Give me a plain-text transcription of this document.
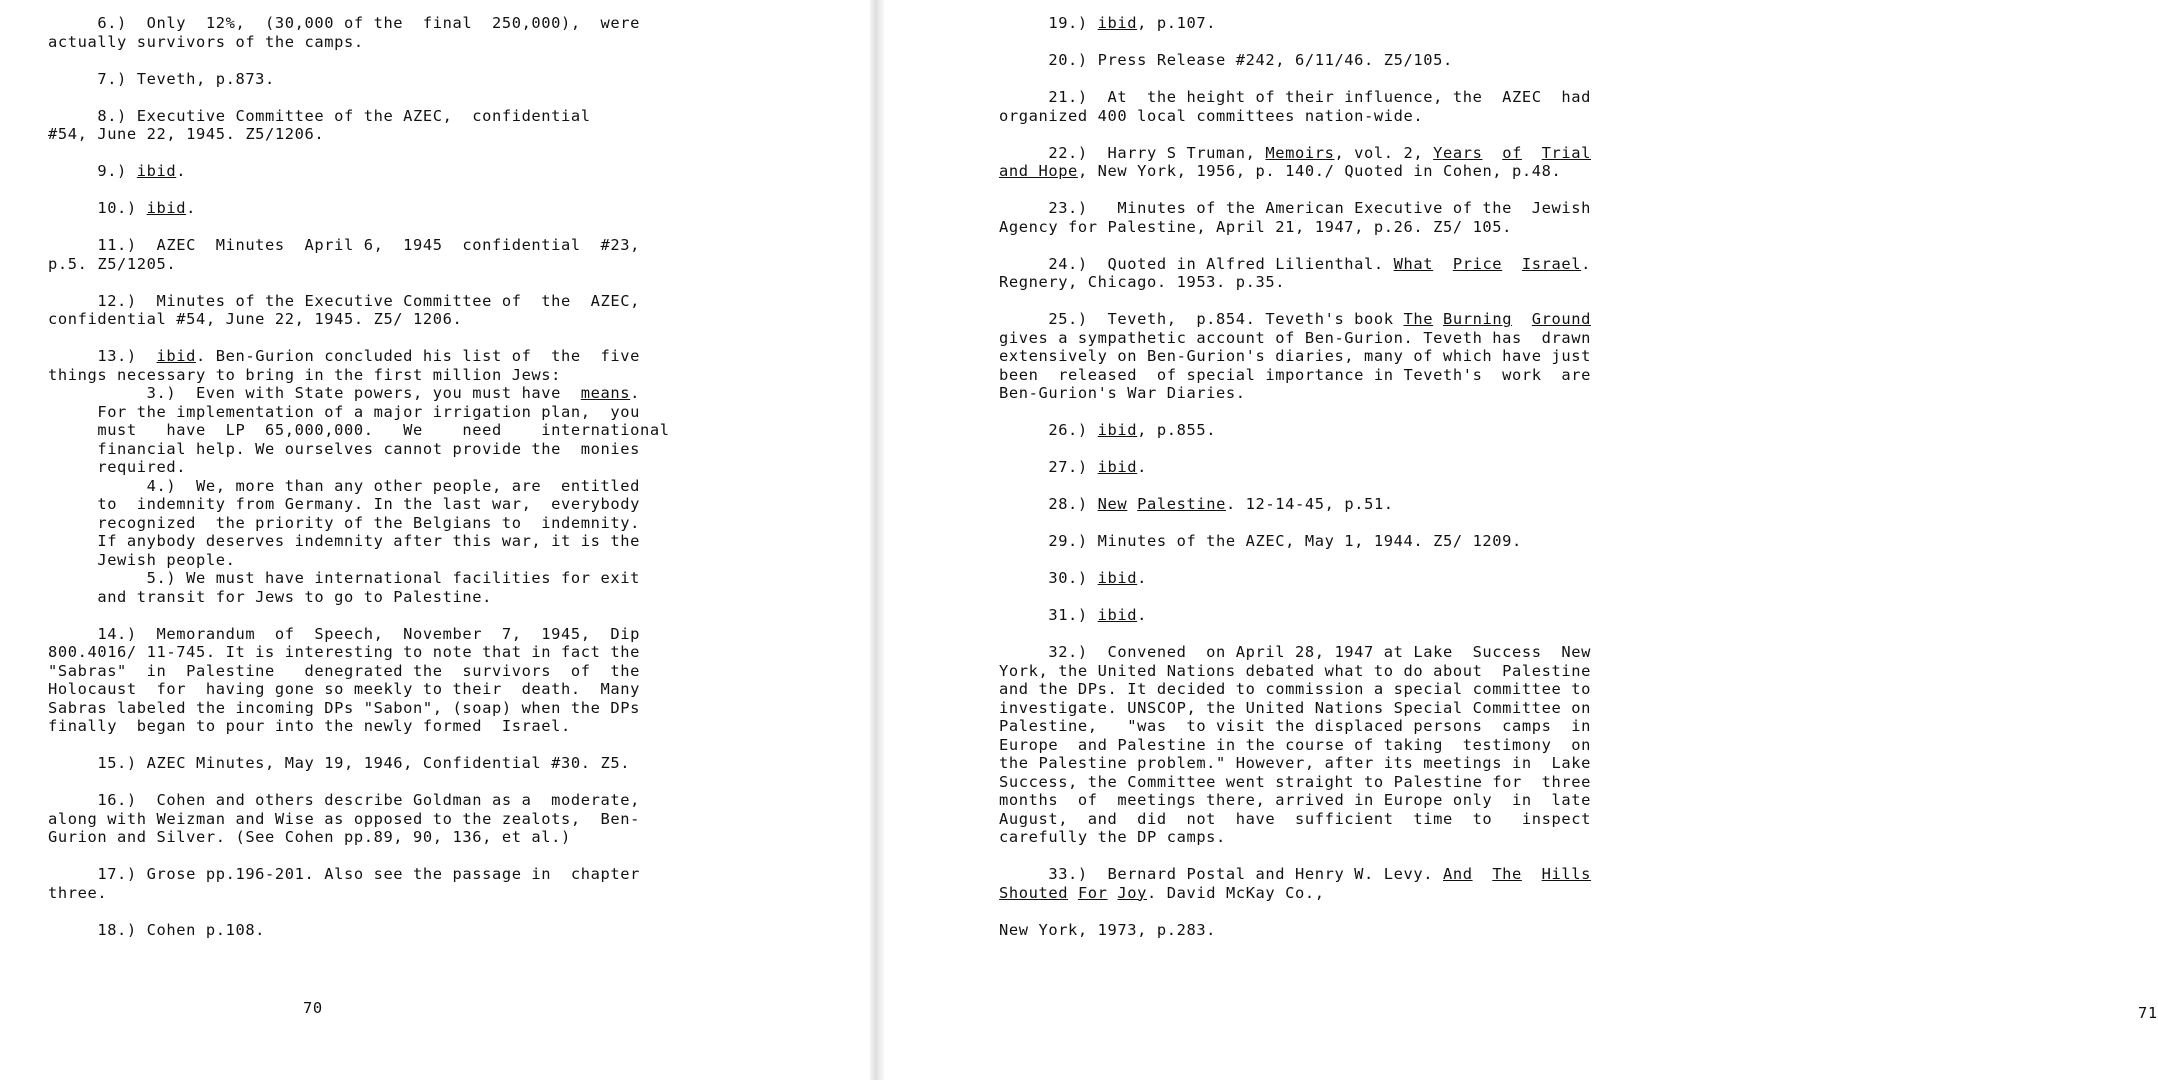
6.)  Only  12%,  (30,000 of the  final  250,000),  were
actually survivors of the camps.
7.) Teveth, p.873.
8.) Executive Committee of the AZEC,  confidential
#54, June 22, 1945. Z5/1206.
9.) ibid.
10.) ibid.
11.)  AZEC  Minutes  April 6,  1945  confidential  #23,
p.5. Z5/1205.
12.)  Minutes of the Executive Committee of  the  AZEC,
confidential #54, June 22, 1945. Z5/ 1206.
13.)  ibid. Ben-Gurion concluded his list of  the  five
things necessary to bring in the first million Jews:
3.)  Even with State powers, you must have  means.
For the implementation of a major irrigation plan,  you
must   have  LP  65,000,000.   We    need    international
financial help. We ourselves cannot provide the  monies
required.
4.)  We, more than any other people, are  entitled
to  indemnity from Germany. In the last war,  everybody
recognized  the priority of the Belgians to  indemnity.
If anybody deserves indemnity after this war, it is the
Jewish people.
5.) We must have international facilities for exit
and transit for Jews to go to Palestine.
14.)  Memorandum  of  Speech,  November  7,  1945,  Dip
800.4016/ 11-745. It is interesting to note that in fact the
"Sabras"  in  Palestine   denegrated the  survivors  of  the
Holocaust  for  having gone so meekly to their  death.  Many
Sabras labeled the incoming DPs "Sabon", (soap) when the DPs
finally  began to pour into the newly formed  Israel.
15.) AZEC Minutes, May 19, 1946, Confidential #30. Z5.
16.)  Cohen and others describe Goldman as a  moderate,
along with Weizman and Wise as opposed to the zealots,  Ben-
Gurion and Silver. (See Cohen pp.89, 90, 136, et al.)
17.) Grose pp.196-201. Also see the passage in  chapter
three.
18.) Cohen p.108.
70
19.) ibid, p.107.
20.) Press Release #242, 6/11/46. Z5/105.
21.)  At  the height of their influence, the  AZEC  had
organized 400 local committees nation-wide.
22.)  Harry S Truman, Memoirs, vol. 2, Years of Trial
and Hope, New York, 1956, p. 140./ Quoted in Cohen, p.48.
23.)   Minutes of the American Executive of the  Jewish
Agency for Palestine, April 21, 1947, p.26. Z5/ 105.
24.)  Quoted in Alfred Lilienthal. What Price Israel.
Regnery, Chicago. 1953. p.35.
25.)  Teveth,  p.854. Teveth's book The Burning Ground
gives a sympathetic account of Ben-Gurion. Teveth has  drawn
extensively on Ben-Gurion's diaries, many of which have just
been  released  of special importance in Teveth's  work  are
Ben-Gurion's War Diaries.
26.) ibid, p.855.
27.) ibid.
28.) New Palestine. 12-14-45, p.51.
29.) Minutes of the AZEC, May 1, 1944. Z5/ 1209.
30.) ibid.
31.) ibid.
32.)  Convened  on April 28, 1947 at Lake  Success  New
York, the United Nations debated what to do about  Palestine
and the DPs. It decided to commission a special committee to
investigate. UNSCOP, the United Nations Special Committee on
Palestine,   "was  to visit the displaced persons  camps  in
Europe  and Palestine in the course of taking  testimony  on
the Palestine problem." However, after its meetings in  Lake
Success, the Committee went straight to Palestine for  three
months  of  meetings there, arrived in Europe only  in  late
August,  and  did  not  have  sufficient  time  to   inspect
carefully the DP camps.
33.)  Bernard Postal and Henry W. Levy. And The Hills
Shouted For Joy. David McKay Co.,
New York, 1973, p.283.
71
